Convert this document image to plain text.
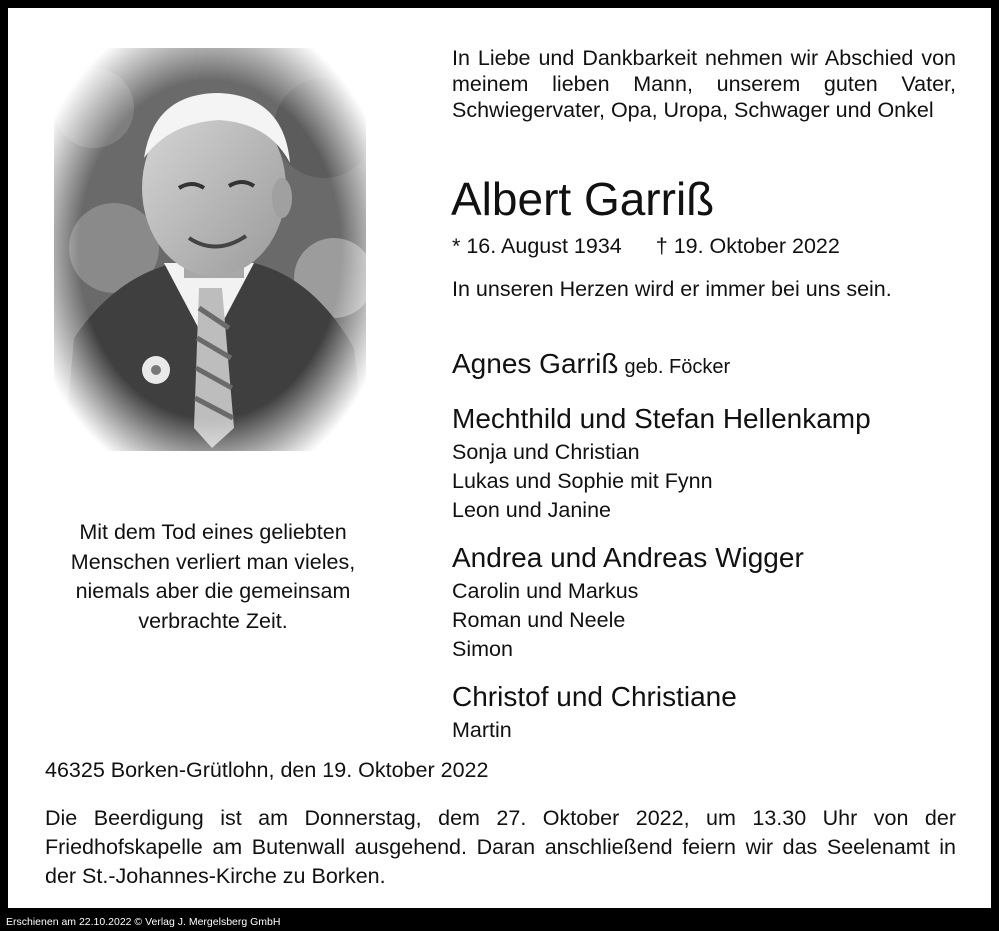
Mit dem Tod eines geliebten
Menschen verliert man vieles,
niemals aber die gemeinsam
verbrachte Zeit.
In Liebe und Dankbarkeit nehmen wir Abschied von meinem lieben Mann, unserem guten Vater, Schwiegervater, Opa, Uropa, Schwager und Onkel
Albert Garriß
* 16. August 1934 † 19. Oktober 2022
In unseren Herzen wird er immer bei uns sein.
Agnes Garriß geb. Föcker
Mechthild und Stefan Hellenkamp
Sonja und Christian
Lukas und Sophie mit Fynn
Leon und Janine
Andrea und Andreas Wigger
Carolin und Markus
Roman und Neele
Simon
Christof und Christiane
Martin
46325 Borken-Grütlohn, den 19. Oktober 2022
Die Beerdigung ist am Donnerstag, dem 27. Oktober 2022, um 13.30 Uhr von der Friedhofskapelle am Butenwall ausgehend. Daran anschließend feiern wir das Seelenamt in der St.-Johannes-Kirche zu Borken.
Erschienen am 22.10.2022 © Verlag J. Mergelsberg GmbH
